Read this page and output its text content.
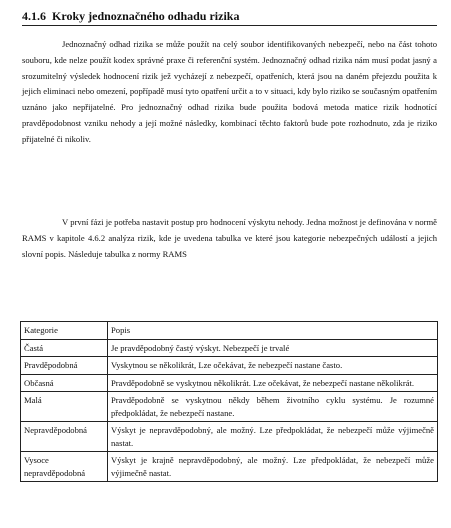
4.1.6 Kroky jednoznačného odhadu rizika

Jednoznačný odhad rizika se může použít na celý soubor identifikovaných nebezpečí, nebo na část tohoto souboru, kde nelze použít kodex správné praxe či referenční systém. Jednoznačný odhad rizika nám musí podat jasný a srozumitelný výsledek hodnocení rizik jež vycházejí z nebezpečí, opatřeních, která jsou na daném přejezdu použita k jejich eliminaci nebo omezení, popřípadě musí tyto opatření určit a to v situaci, kdy bylo riziko se současným opatřením uznáno jako nepřijatelné. Pro jednoznačný odhad rizika bude použita bodová metoda matice rizik hodnotící pravděpodobnost vzniku nehody a její možné následky, kombinací těchto faktorů bude pote rozhodnuto, zda je riziko přijatelné či nikoliv.

V první fázi je potřeba nastavit postup pro hodnocení výskytu nehody. Jedna možnost je definována v normě RAMS v kapitole 4.6.2 analýza rizik, kde je uvedena tabulka ve které jsou kategorie nebezpečných událostí a jejich slovní popis. Následuje tabulka z normy RAMS

Kategorie	Popis
Častá	Je pravděpodobný častý výskyt. Nebezpečí je trvalé
Pravděpodobná	Vyskytnou se několikrát, Lze očekávat, že nebezpečí nastane často.
Občasná	Pravděpodobně se vyskytnou několikrát. Lze očekávat, že nebezpečí nastane několikrát.
Malá	Pravděpodobně se vyskytnou někdy během životního cyklu systému. Je rozumné předpokládat, že nebezpečí nastane.
Nepravděpodobná	Výskyt je nepravděpodobný, ale možný. Lze předpokládat, že nebezpečí může výjimečně nastat.
Vysoce nepravděpodobná	Výskyt je krajně nepravděpodobný, ale možný. Lze předpokládat, že nebezpečí může výjimečně nastat.
